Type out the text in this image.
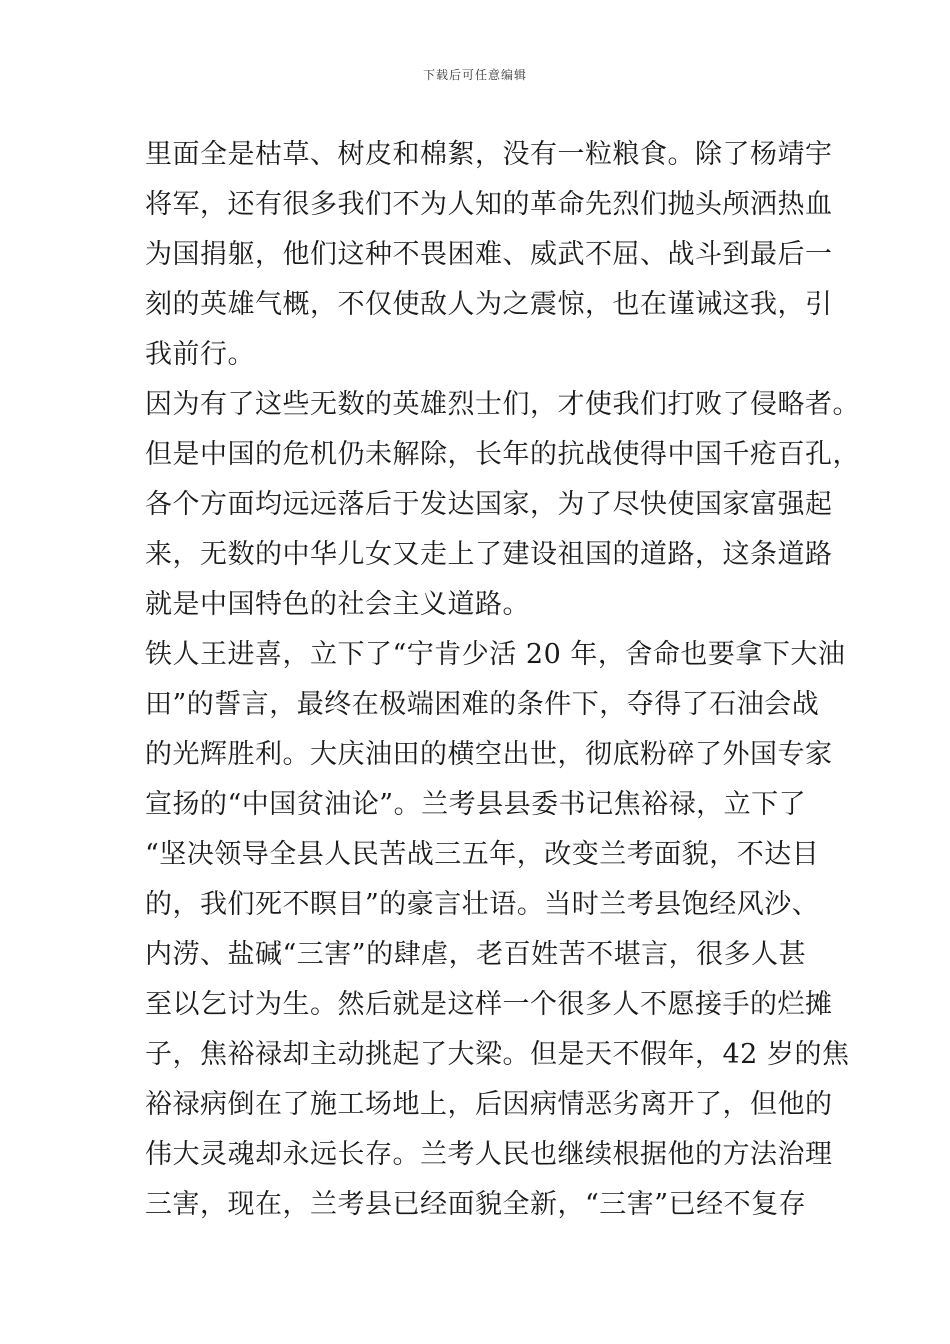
下载后可任意编辑
里面全是枯草、树皮和棉絮，没有一粒粮食。除了杨靖宇
将军，还有很多我们不为人知的革命先烈们抛头颅洒热血
为国捐躯，他们这种不畏困难、威武不屈、战斗到最后一
刻的英雄气概，不仅使敌人为之震惊，也在谨诫这我，引
我前行。
因为有了这些无数的英雄烈士们，才使我们打败了侵略者。
但是中国的危机仍未解除，长年的抗战使得中国千疮百孔，
各个方面均远远落后于发达国家，为了尽快使国家富强起
来，无数的中华儿女又走上了建设祖国的道路，这条道路
就是中国特色的社会主义道路。
铁人王进喜，立下了“宁肯少活 20 年，舍命也要拿下大油
田”的誓言，最终在极端困难的条件下，夺得了石油会战
的光辉胜利。大庆油田的横空出世，彻底粉碎了外国专家
宣扬的“中国贫油论”。兰考县县委书记焦裕禄，立下了
“坚决领导全县人民苦战三五年，改变兰考面貌，不达目
的，我们死不瞑目”的豪言壮语。当时兰考县饱经风沙、
内涝、盐碱“三害”的肆虐，老百姓苦不堪言，很多人甚
至以乞讨为生。然后就是这样一个很多人不愿接手的烂摊
子，焦裕禄却主动挑起了大梁。但是天不假年，42 岁的焦
裕禄病倒在了施工场地上，后因病情恶劣离开了，但他的
伟大灵魂却永远长存。兰考人民也继续根据他的方法治理
三害，现在，兰考县已经面貌全新，“三害”已经不复存
